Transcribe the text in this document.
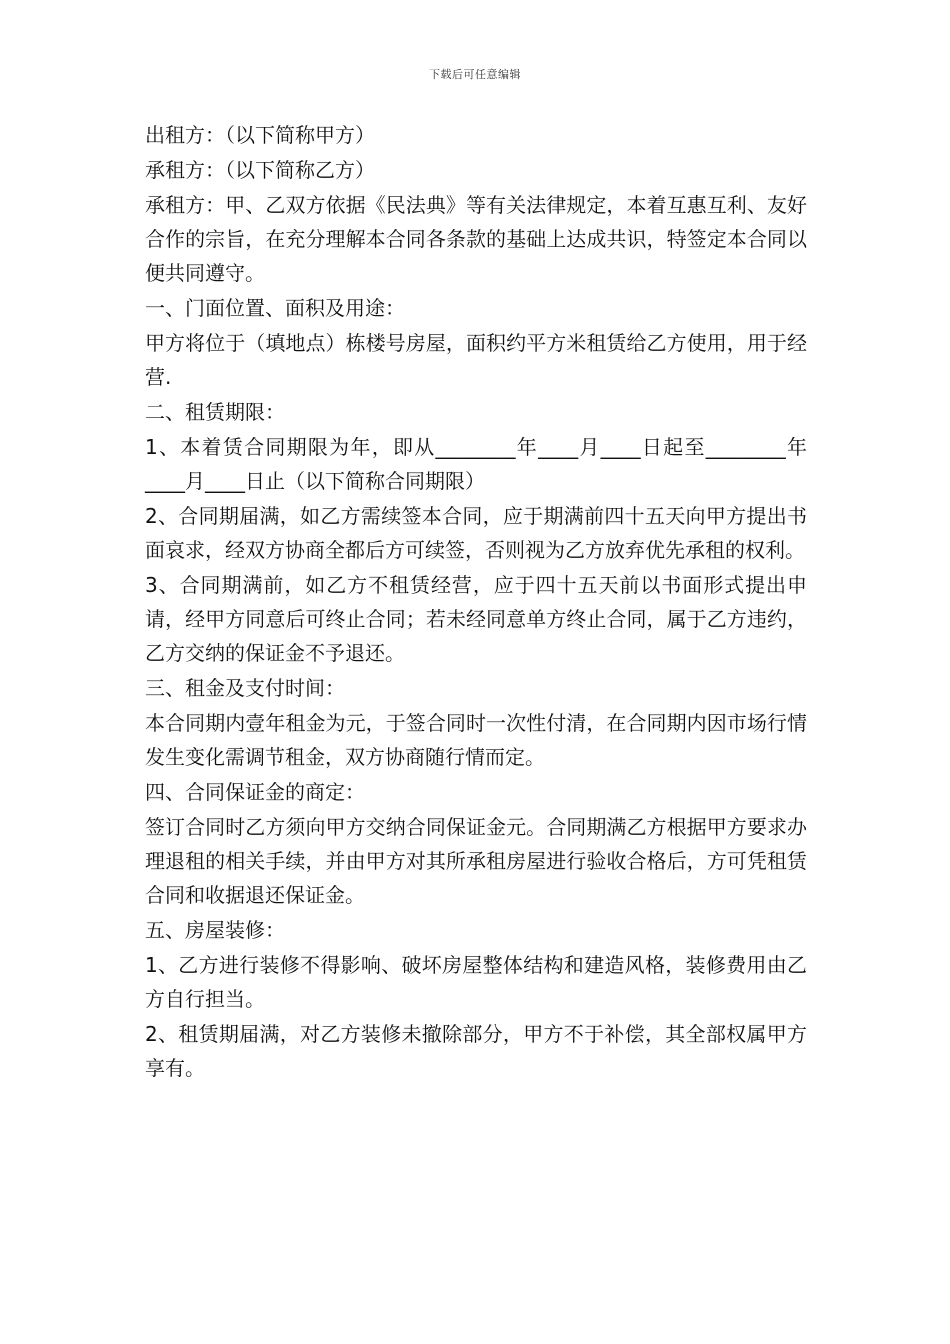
下载后可任意编辑

出租方：（以下简称甲方）

承租方：（以下简称乙方）

承租方：甲、乙双方依据《民法典》等有关法律规定，本着互惠互利、友好合作的宗旨，在充分理解本合同各条款的基础上达成共识，特签定本合同以便共同遵守。

一、门面位置、面积及用途：

甲方将位于（填地点）栋楼号房屋，面积约平方米租赁给乙方使用，用于经营.

二、租赁期限：

1、本着赁合同期限为年，即从________年____月____日起至________年____月____日止（以下简称合同期限）

2、合同期届满，如乙方需续签本合同，应于期满前四十五天向甲方提出书面哀求，经双方协商全都后方可续签，否则视为乙方放弃优先承租的权利。

3、合同期满前，如乙方不租赁经营，应于四十五天前以书面形式提出申请，经甲方同意后可终止合同；若未经同意单方终止合同，属于乙方违约，乙方交纳的保证金不予退还。

三、租金及支付时间：

本合同期内壹年租金为元，于签合同时一次性付清，在合同期内因市场行情发生变化需调节租金，双方协商随行情而定。

四、合同保证金的商定：

签订合同时乙方须向甲方交纳合同保证金元。合同期满乙方根据甲方要求办理退租的相关手续，并由甲方对其所承租房屋进行验收合格后，方可凭租赁合同和收据退还保证金。

五、房屋装修：

1、乙方进行装修不得影响、破坏房屋整体结构和建造风格，装修费用由乙方自行担当。

2、租赁期届满，对乙方装修未撤除部分，甲方不于补偿，其全部权属甲方享有。
